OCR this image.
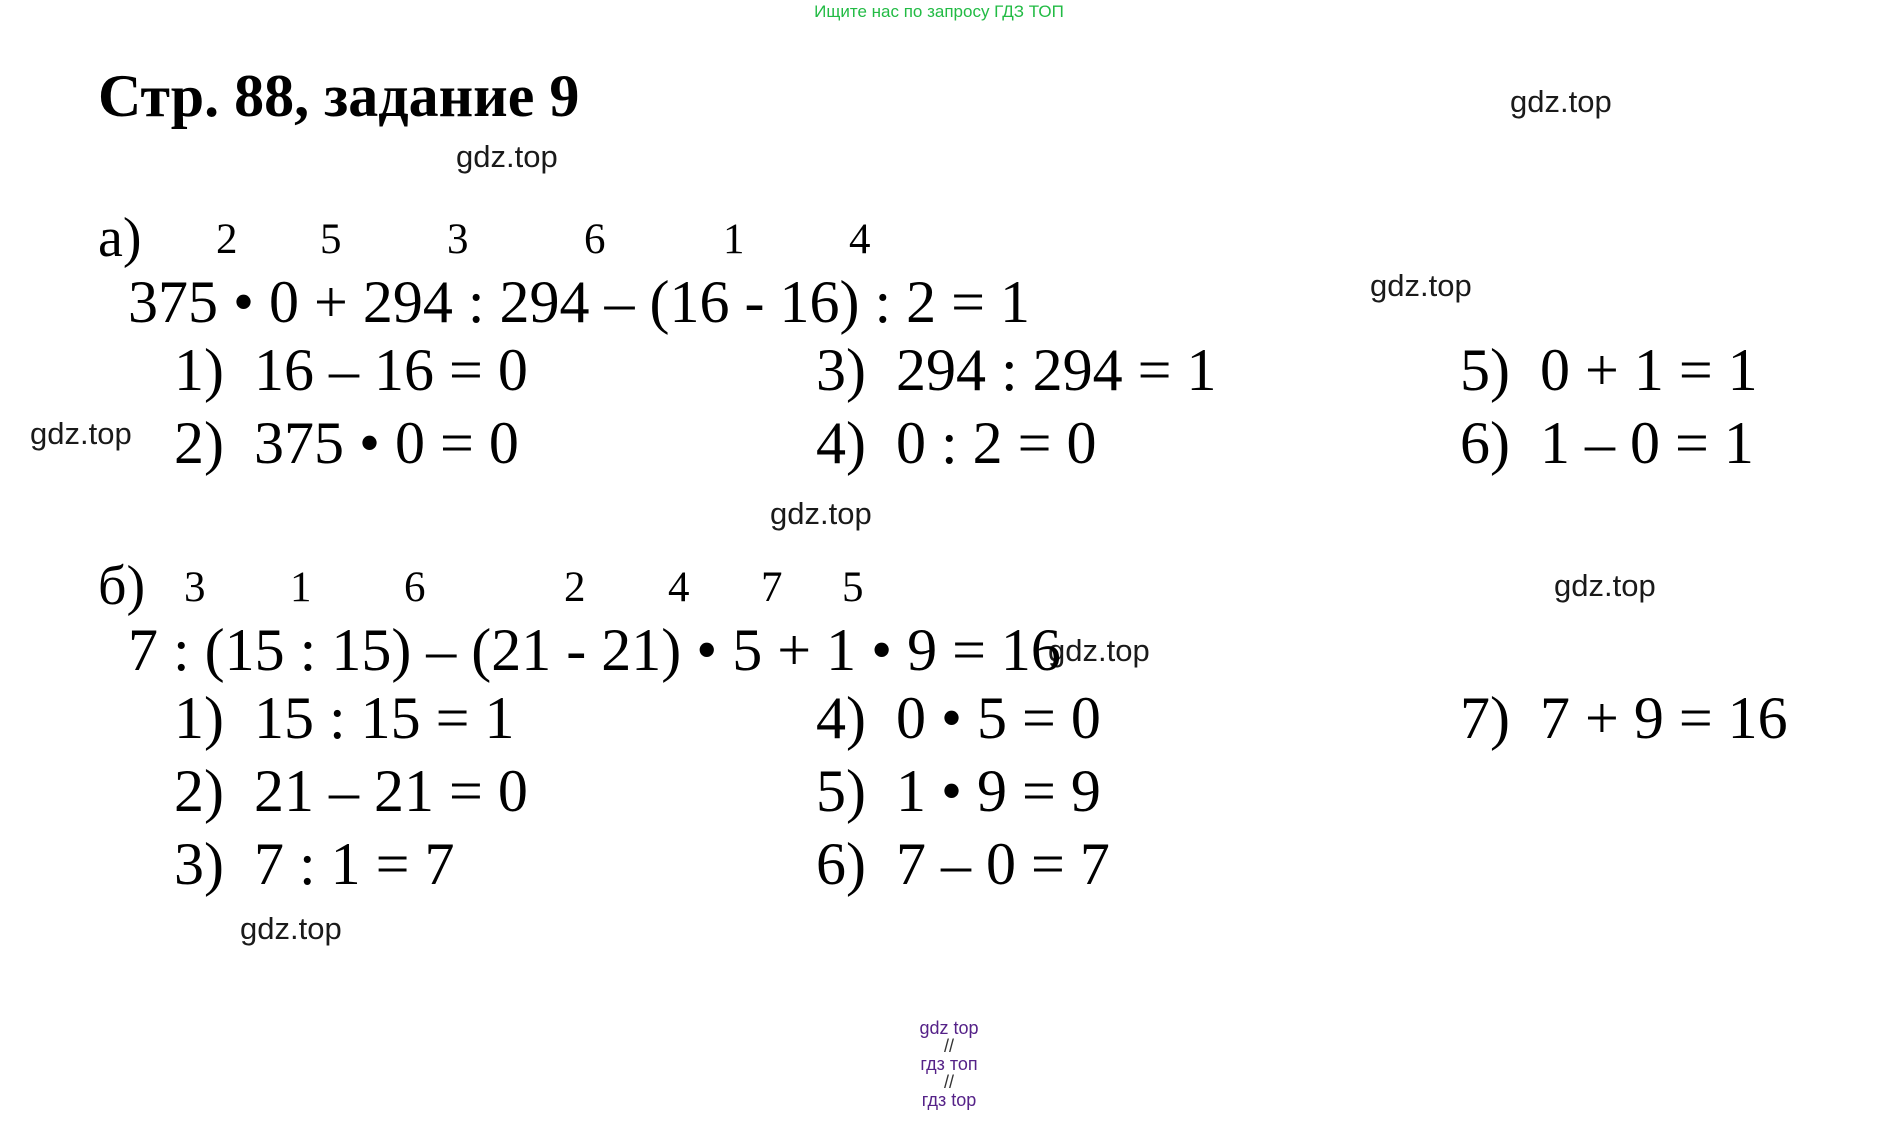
Ищите нас по запросу ГДЗ ТОП
Стр. 88, задание 9	gdz.top
gdz.top
gdz.top
gdz.top
gdz.top
gdz.top
gdz.top
gdz.top
а) 2 5 3	6	1 4
375 • 0 + 294 : 294 – (16 - 16) : 2 = 1
1)  16 – 16 = 0
2)  375 • 0 = 0
3)  294 : 294 = 1
4)  0 : 2 = 0
5)  0 + 1 = 1
6)  1 – 0 = 1
б) 3 1 6	2 4 7 5
7 : (15 : 15) – (21 - 21) • 5 + 1 • 9 = 16
1)  15 : 15 = 1
2)  21 – 21 = 0
3)  7 : 1 = 7
4)  0 • 5 = 0
5)  1 • 9 = 9
6)  7 – 0 = 7
7)  7 + 9 = 16

gdz top
//
гдз топ
//
гдз top
